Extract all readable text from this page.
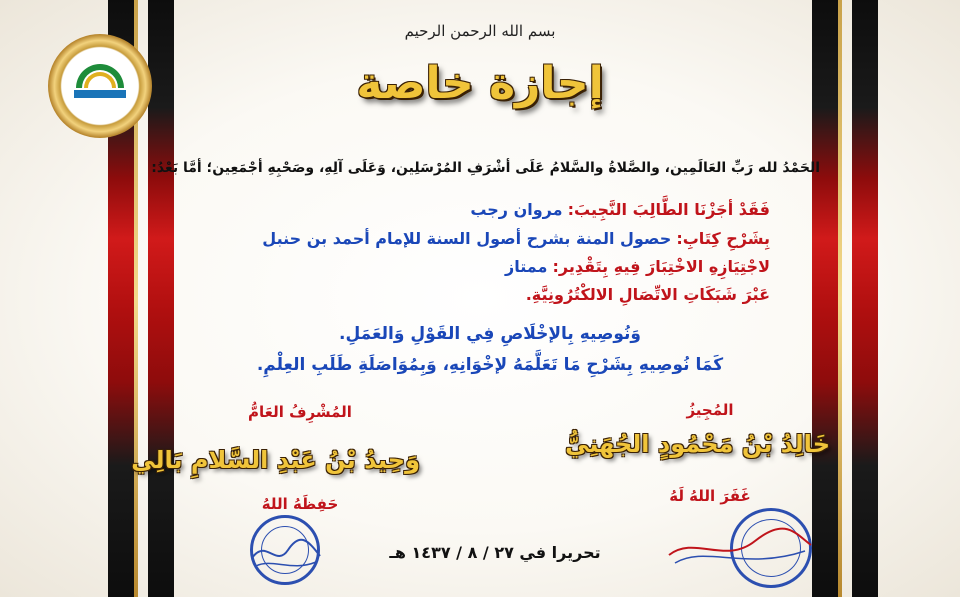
بسم الله الرحمن الرحيم
إجازة خاصة
الحَمْدُ لله رَبِّ العَالَمِين، والصَّلاةُ والسَّلامُ عَلَى أشْرَفِ المُرْسَلِين، وَعَلَى آلِهِ، وصَحْبِهِ أجْمَعِين؛ أمَّا بَعْدُ:
فَقَدْ أجَزْنَا الطَّالِبَ النَّجِيبَ: مروان رجب
بِشَرْحِ كِتَابِ: حصول المنة بشرح أصول السنة للإمام أحمد بن حنبل
لاجْتِيَازِهِ الاخْتِبَارَ فِيهِ بِتَقْدِير: ممتاز
عَبْرَ شَبَكَاتِ الاتِّصَالِ الالكْتُرُونِيَّةِ.
وَنُوصِيهِ بِالإخْلَاصِ فِي القَوْلِ وَالعَمَلِ.
كَمَا نُوصِيهِ بِشَرْحِ مَا تَعَلَّمَهُ لإخْوَانِهِ، وَبِمُوَاصَلَةِ طَلَبِ العِلْمِ.
المُشْرِفُ العَامُّ
وَحِيدُ بْنُ عَبْدِ السَّلامِ بَالِي
حَفِظَهُ اللهُ
المُجِيزُ
خَالِدُ بْنُ مَحْمُودٍ الجُهَنِيُّ
غَفَرَ اللهُ لَهُ
تحريرا في ٢٧ / ٨ / ١٤٣٧ هـ
